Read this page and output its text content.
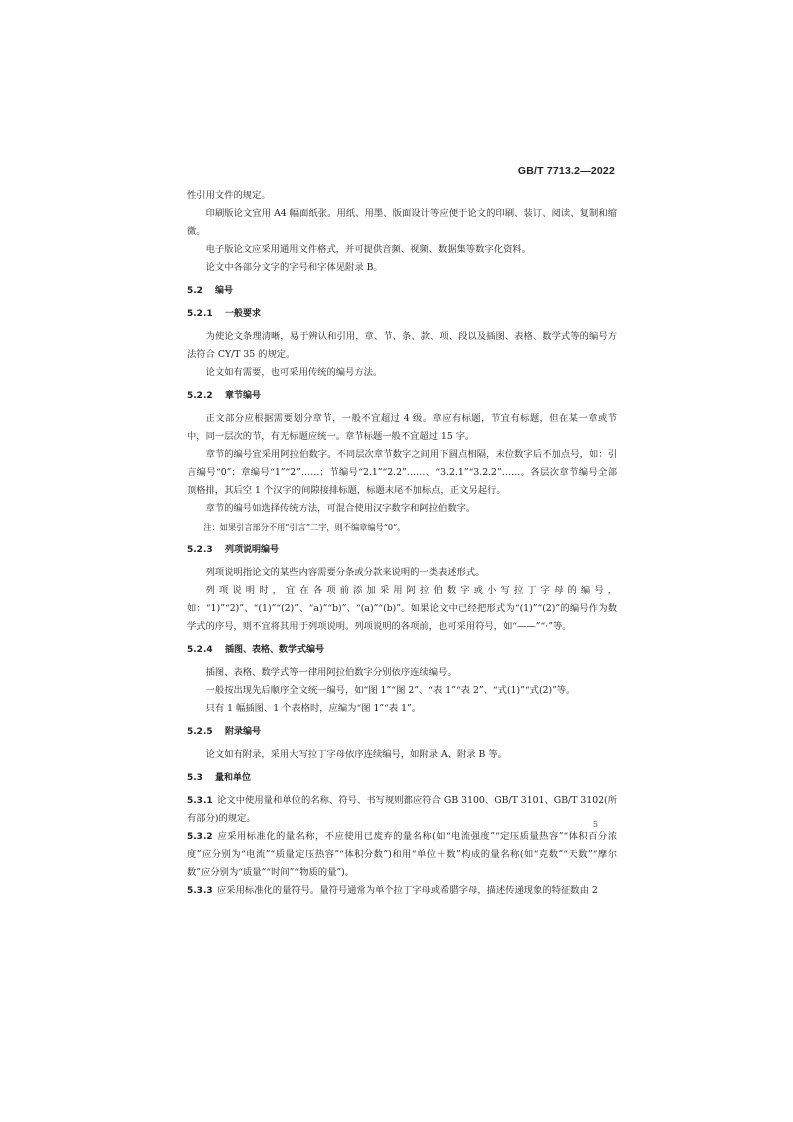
GB/T 7713.2—2022

性引用文件的规定。

印刷版论文宜用 A4 幅面纸张。用纸、用墨、版面设计等应便于论文的印刷、装订、阅读、复制和缩微。

电子版论文应采用通用文件格式，并可提供音频、视频、数据集等数字化资料。

论文中各部分文字的字号和字体见附录 B。

5.2 编号
5.2.1 一般要求

为使论文条理清晰，易于辨认和引用，章、节、条、款、项、段以及插图、表格、数学式等的编号方法符合 CY/T 35 的规定。

论文如有需要，也可采用传统的编号方法。

5.2.2 章节编号

正文部分应根据需要划分章节，一般不宜超过 4 级。章应有标题，节宜有标题，但在某一章或节中，同一层次的节，有无标题应统一。章节标题一般不宜超过 15 字。

章节的编号宜采用阿拉伯数字。不同层次章节数字之间用下圆点相隔，末位数字后不加点号，如：引言编号“0”；章编号“1”“2”……；节编号“2.1”“2.2”……、“3.2.1”“3.2.2”……。各层次章节编号全部顶格排，其后空 1 个汉字的间隙接排标题，标题末尾不加标点，正文另起行。

章节的编号如选择传统方法，可混合使用汉字数字和阿拉伯数字。

注：如果引言部分不用“引言”二字，则不编章编号“0”。

5.2.3 列项说明编号

列项说明指论文的某些内容需要分条或分款来说明的一类表述形式。

列项说明时，宜在各项前添加采用阿拉伯数字或小写拉丁字母的编号，如：“1)”“2)”、“(1)”“(2)”、“a)”“b)”、“(a)”“(b)”。如果论文中已经把形式为“(1)”“(2)”的编号作为数学式的序号，则不宜将其用于列项说明。列项说明的各项前，也可采用符号，如“——”“·”等。

5.2.4 插图、表格、数学式编号

插图、表格、数学式等一律用阿拉伯数字分别依序连续编号。

一般按出现先后顺序全文统一编号，如“图 1”“图 2”、“表 1”“表 2”、“式(1)”“式(2)”等。

只有 1 幅插图、1 个表格时，应编为“图 1”“表 1”。

5.2.5 附录编号

论文如有附录，采用大写拉丁字母依序连续编号，如附录 A、附录 B 等。

5.3 量和单位

5.3.1 论文中使用量和单位的名称、符号、书写规则都应符合 GB 3100、GB/T 3101、GB/T 3102(所有部分)的规定。

5.3.2 应采用标准化的量名称，不应使用已废弃的量名称(如“电流强度”“定压质量热容”“体积百分浓度”应分别为“电流”“质量定压热容”“体积分数”)和用“单位＋数”构成的量名称(如“克数”“天数”“摩尔数”应分别为“质量”“时间”“物质的量”)。

5.3.3 应采用标准化的量符号。量符号通常为单个拉丁字母或希腊字母，描述传递现象的特征数由 2

5
